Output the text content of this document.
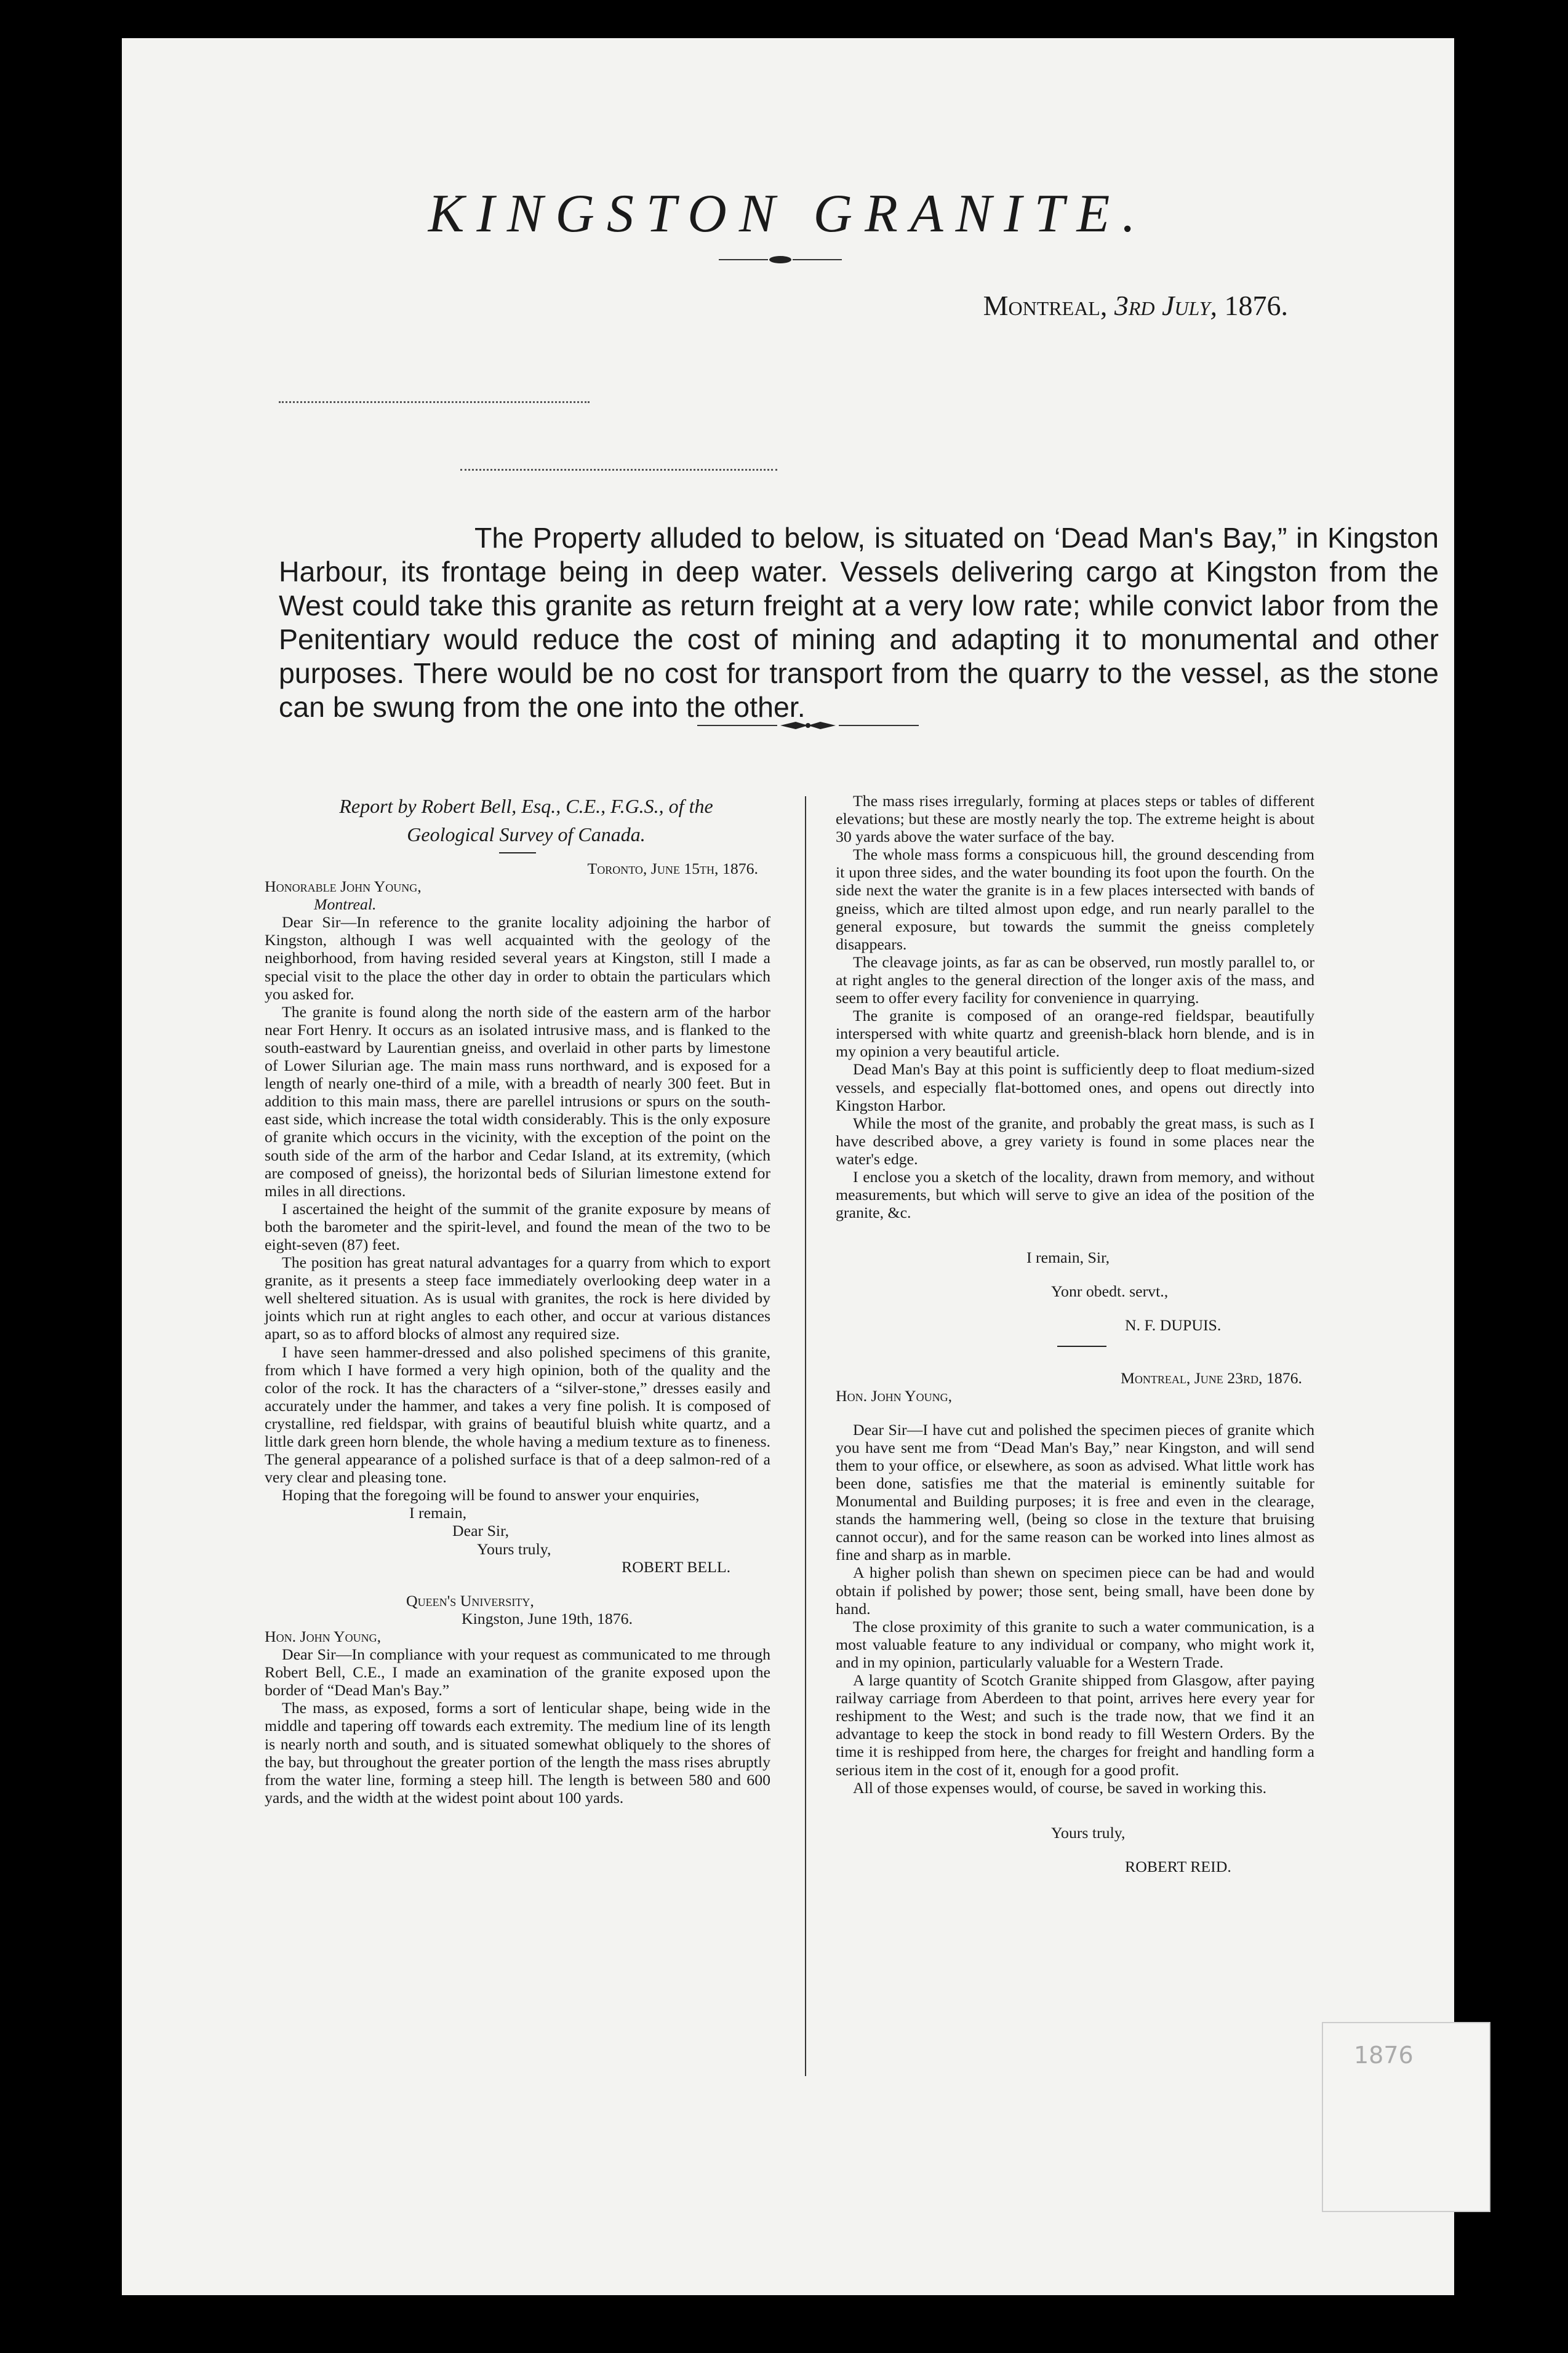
KINGSTON GRANITE.
Montreal, 3rd July, 1876.

The Property alluded to below, is situated on ‘Dead Man's Bay,” in Kingston Harbour, its frontage being in deep water. Vessels delivering cargo at Kingston from the West could take this granite as return freight at a very low rate; while convict labor from the Penitentiary would reduce the cost of mining and adapting it to monumental and other purposes. There would be no cost for transport from the quarry to the vessel, as the stone can be swung from the one into the other.

Report by Robert Bell, Esq., C.E., F.G.S., of the

Geological Survey of Canada.

Toronto, June 15th, 1876.

Honorable John Young,

Montreal.

Dear Sir—In reference to the granite locality adjoining the harbor of Kingston, although I was well acquainted with the geology of the neighborhood, from having resided several years at Kingston, still I made a special visit to the place the other day in order to obtain the particulars which you asked for.

The granite is found along the north side of the eastern arm of the harbor near Fort Henry. It occurs as an isolated intrusive mass, and is flanked to the south-eastward by Laurentian gneiss, and overlaid in other parts by limestone of Lower Silurian age. The main mass runs northward, and is exposed for a length of nearly one-third of a mile, with a breadth of nearly 300 feet. But in addition to this main mass, there are parellel intrusions or spurs on the south-east side, which increase the total width considerably. This is the only exposure of granite which occurs in the vicinity, with the exception of the point on the south side of the arm of the harbor and Cedar Island, at its extremity, (which are composed of gneiss), the horizontal beds of Silurian limestone extend for miles in all directions.

I ascertained the height of the summit of the granite exposure by means of both the barometer and the spirit-level, and found the mean of the two to be eight-seven (87) feet.

The position has great natural advantages for a quarry from which to export granite, as it presents a steep face immediately overlooking deep water in a well sheltered situation. As is usual with granites, the rock is here divided by joints which run at right angles to each other, and occur at various distances apart, so as to afford blocks of almost any required size.

I have seen hammer-dressed and also polished specimens of this granite, from which I have formed a very high opinion, both of the quality and the color of the rock. It has the characters of a “silver-stone,” dresses easily and accurately under the hammer, and takes a very fine polish. It is composed of crystalline, red fieldspar, with grains of beautiful bluish white quartz, and a little dark green horn blende, the whole having a medium texture as to fineness. The general appearance of a polished surface is that of a deep salmon-red of a very clear and pleasing tone.

Hoping that the foregoing will be found to answer your enquiries,

I remain,

Dear Sir,

Yours truly,

ROBERT BELL.

Queen's University,

Kingston, June 19th, 1876.

Hon. John Young,

Dear Sir—In compliance with your request as communicated to me through Robert Bell, C.E., I made an examination of the granite exposed upon the border of “Dead Man's Bay.”

The mass, as exposed, forms a sort of lenticular shape, being wide in the middle and tapering off towards each extremity. The medium line of its length is nearly north and south, and is situated somewhat obliquely to the shores of the bay, but throughout the greater portion of the length the mass rises abruptly from the water line, forming a steep hill. The length is between 580 and 600 yards, and the width at the widest point about 100 yards.

The mass rises irregularly, forming at places steps or tables of different elevations; but these are mostly nearly the top. The extreme height is about 30 yards above the water surface of the bay.

The whole mass forms a conspicuous hill, the ground descending from it upon three sides, and the water bounding its foot upon the fourth. On the side next the water the granite is in a few places intersected with bands of gneiss, which are tilted almost upon edge, and run nearly parallel to the general exposure, but towards the summit the gneiss completely disappears.

The cleavage joints, as far as can be observed, run mostly parallel to, or at right angles to the general direction of the longer axis of the mass, and seem to offer every facility for convenience in quarrying.

The granite is composed of an orange-red fieldspar, beautifully interspersed with white quartz and greenish-black horn blende, and is in my opinion a very beautiful article.

Dead Man's Bay at this point is sufficiently deep to float medium-sized vessels, and especially flat-bottomed ones, and opens out directly into Kingston Harbor.

While the most of the granite, and probably the great mass, is such as I have described above, a grey variety is found in some places near the water's edge.

I enclose you a sketch of the locality, drawn from memory, and without measurements, but which will serve to give an idea of the position of the granite, &c.

I remain, Sir,

Yonr obedt. servt.,

N. F. DUPUIS.

Montreal, June 23rd, 1876.

Hon. John Young,

Dear Sir—I have cut and polished the specimen pieces of granite which you have sent me from “Dead Man's Bay,” near Kingston, and will send them to your office, or elsewhere, as soon as advised. What little work has been done, satisfies me that the material is eminently suitable for Monumental and Building purposes; it is free and even in the clearage, stands the hammering well, (being so close in the texture that bruising cannot occur), and for the same reason can be worked into lines almost as fine and sharp as in marble.

A higher polish than shewn on specimen piece can be had and would obtain if polished by power; those sent, being small, have been done by hand.

The close proximity of this granite to such a water communication, is a most valuable feature to any individual or company, who might work it, and in my opinion, particularly valuable for a Western Trade.

A large quantity of Scotch Granite shipped from Glasgow, after paying railway carriage from Aberdeen to that point, arrives here every year for reshipment to the West; and such is the trade now, that we find it an advantage to keep the stock in bond ready to fill Western Orders. By the time it is reshipped from here, the charges for freight and handling form a serious item in the cost of it, enough for a good profit.

All of those expenses would, of course, be saved in working this.

Yours truly,

ROBERT REID.

1876
